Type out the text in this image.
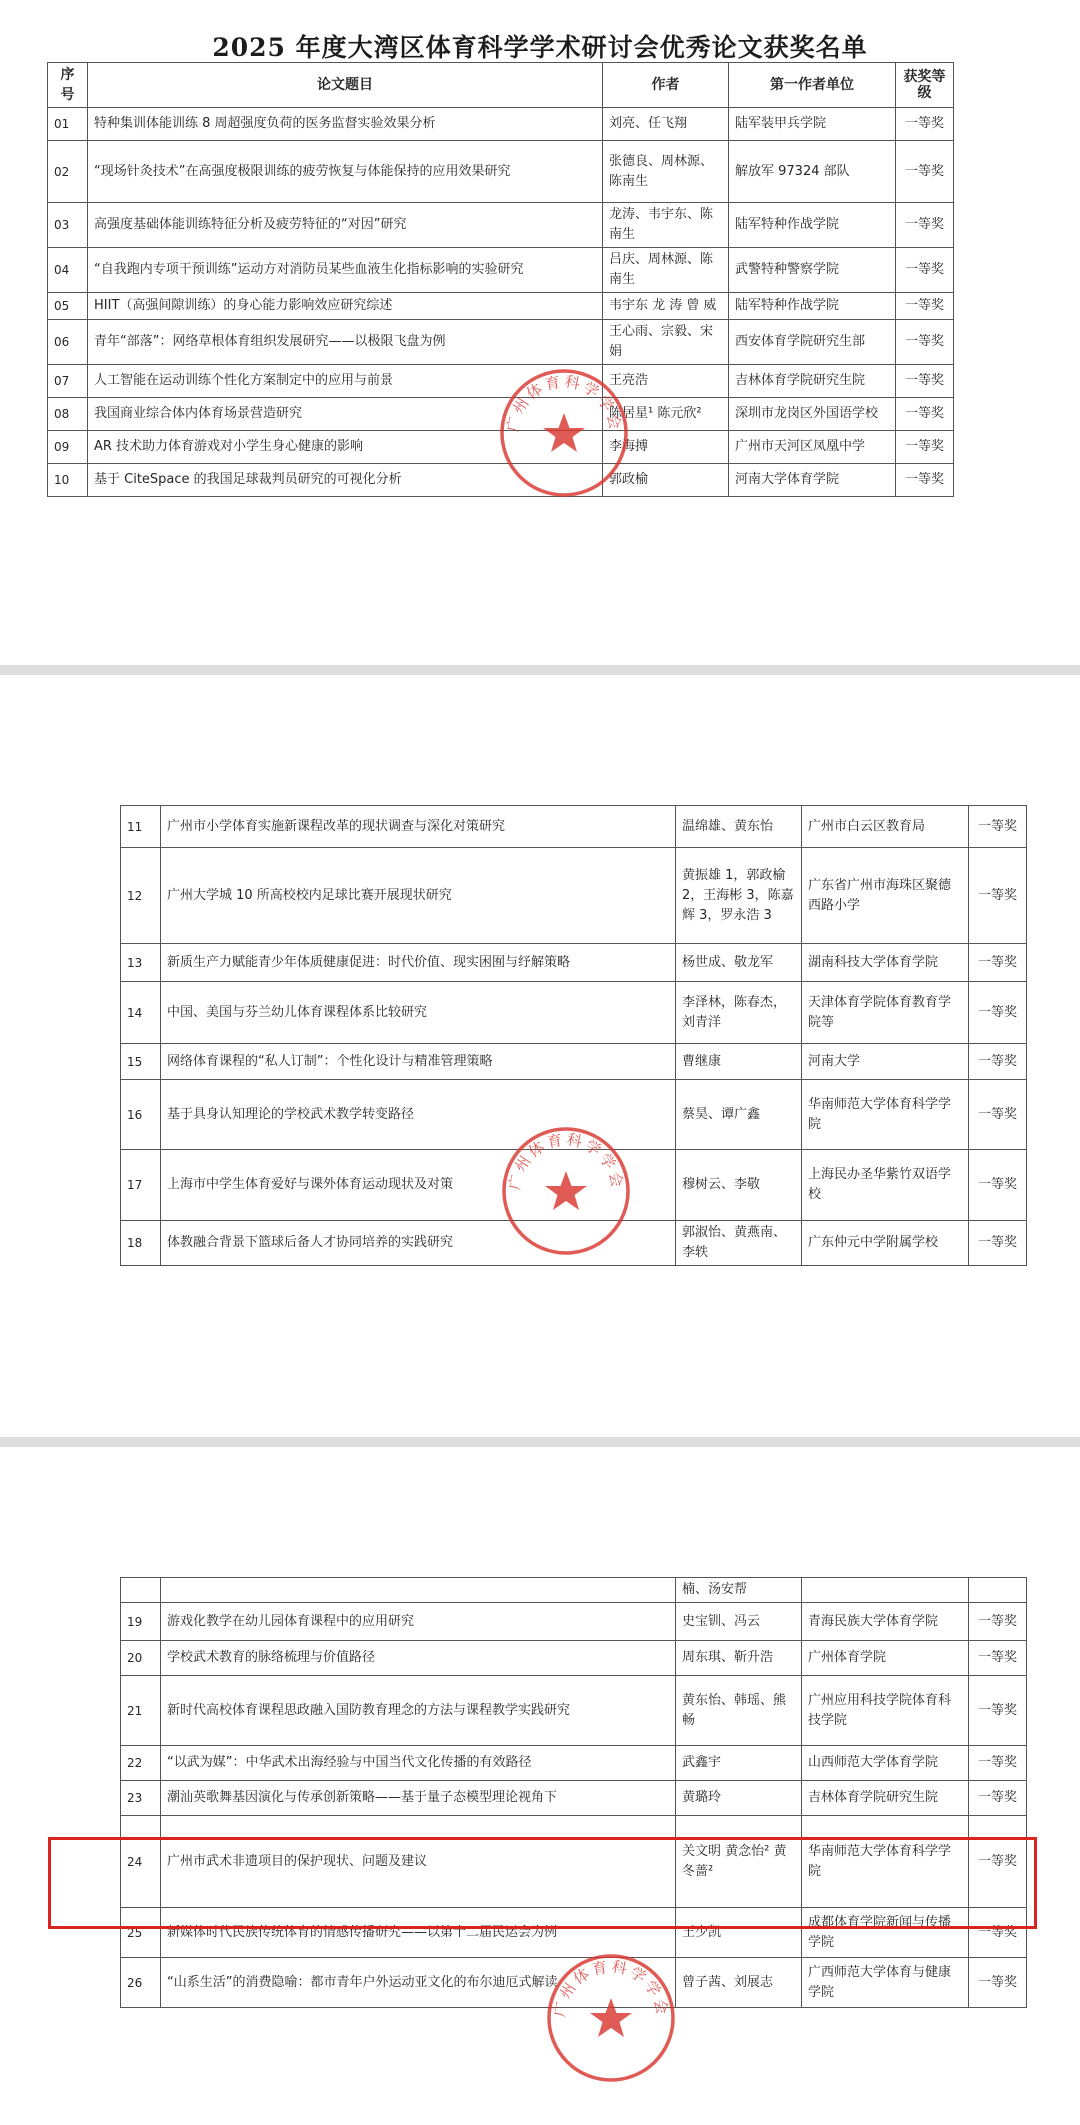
2025 年度大湾区体育科学学术研讨会优秀论文获奖名单
序号	论文题目	作者	第一作者单位	获奖等级
01	特种集训体能训练 8 周超强度负荷的医务监督实验效果分析	刘亮、任飞翔	陆军装甲兵学院	一等奖
02	“现场针灸技术”在高强度极限训练的疲劳恢复与体能保持的应用效果研究	张德良、周林源、陈南生	解放军 97324 部队	一等奖
03	高强度基础体能训练特征分析及疲劳特征的“对因”研究	龙涛、韦宇东、陈南生	陆军特种作战学院	一等奖
04	“自我跑内专项干预训练”运动方对消防员某些血液生化指标影响的实验研究	吕庆、周林源、陈南生	武警特种警察学院	一等奖
05	HIIT（高强间隙训练）的身心能力影响效应研究综述	韦宇东 龙 涛 曾 威	陆军特种作战学院	一等奖
06	青年“部落”：网络草根体育组织发展研究——以极限飞盘为例	王心雨、宗毅、宋娟	西安体育学院研究生部	一等奖
07	人工智能在运动训练个性化方案制定中的应用与前景	王亮浩	吉林体育学院研究生院	一等奖
08	我国商业综合体内体育场景营造研究	陈居星¹ 陈元欣²	深圳市龙岗区外国语学校	一等奖
09	AR 技术助力体育游戏对小学生身心健康的影响	李海搏	广州市天河区凤凰中学	一等奖
10	基于 CiteSpace 的我国足球裁判员研究的可视化分析	郭政榆	河南大学体育学院	一等奖
广州体育科学学会
11	广州市小学体育实施新课程改革的现状调查与深化对策研究	温绵雄、黄东怡	广州市白云区教育局	一等奖
12	广州大学城 10 所高校校内足球比赛开展现状研究	黄振雄 1，郭政榆 2，王海彬 3，陈嘉辉 3，罗永浩 3	广东省广州市海珠区聚德西路小学	一等奖
13	新质生产力赋能青少年体质健康促进：时代价值、现实困囿与纾解策略	杨世成、敬龙军	湖南科技大学体育学院	一等奖
14	中国、美国与芬兰幼儿体育课程体系比较研究	李泽林，陈春杰，刘青洋	天津体育学院体育教育学院等	一等奖
15	网络体育课程的“私人订制”：个性化设计与精准管理策略	曹继康	河南大学	一等奖
16	基于具身认知理论的学校武术教学转变路径	蔡昊、谭广鑫	华南师范大学体育科学学院	一等奖
17	上海市中学生体育爱好与课外体育运动现状及对策	穆树云、李敬	上海民办圣华紫竹双语学校	一等奖
18	体教融合背景下篮球后备人才协同培养的实践研究	郭淑怡、黄燕南、李轶	广东仲元中学附属学校	一等奖
广州体育科学学会
		楠、汤安帮		
19	游戏化教学在幼儿园体育课程中的应用研究	史宝钏、冯云	青海民族大学体育学院	一等奖
20	学校武术教育的脉络梳理与价值路径	周东琪、靳升浩	广州体育学院	一等奖
21	新时代高校体育课程思政融入国防教育理念的方法与课程教学实践研究	黄东怡、韩瑶、熊畅	广州应用科技学院体育科技学院	一等奖
22	“以武为媒”：中华武术出海经验与中国当代文化传播的有效路径	武鑫宇	山西师范大学体育学院	一等奖
23	潮汕英歌舞基因演化与传承创新策略——基于量子态模型理论视角下	黄璐玲	吉林体育学院研究生院	一等奖
24	广州市武术非遗项目的保护现状、问题及建议	关文明 黄念怡² 黄冬蔷²	华南师范大学体育科学学院	一等奖
25	新媒体时代民族传统体育的情感传播研究——以第十二届民运会为例	王少凯	成都体育学院新闻与传播学院	一等奖
26	“山系生活”的消费隐喻：都市青年户外运动亚文化的布尔迪厄式解读	曾子茜、刘展志	广西师范大学体育与健康学院	一等奖
广州体育科学学会
